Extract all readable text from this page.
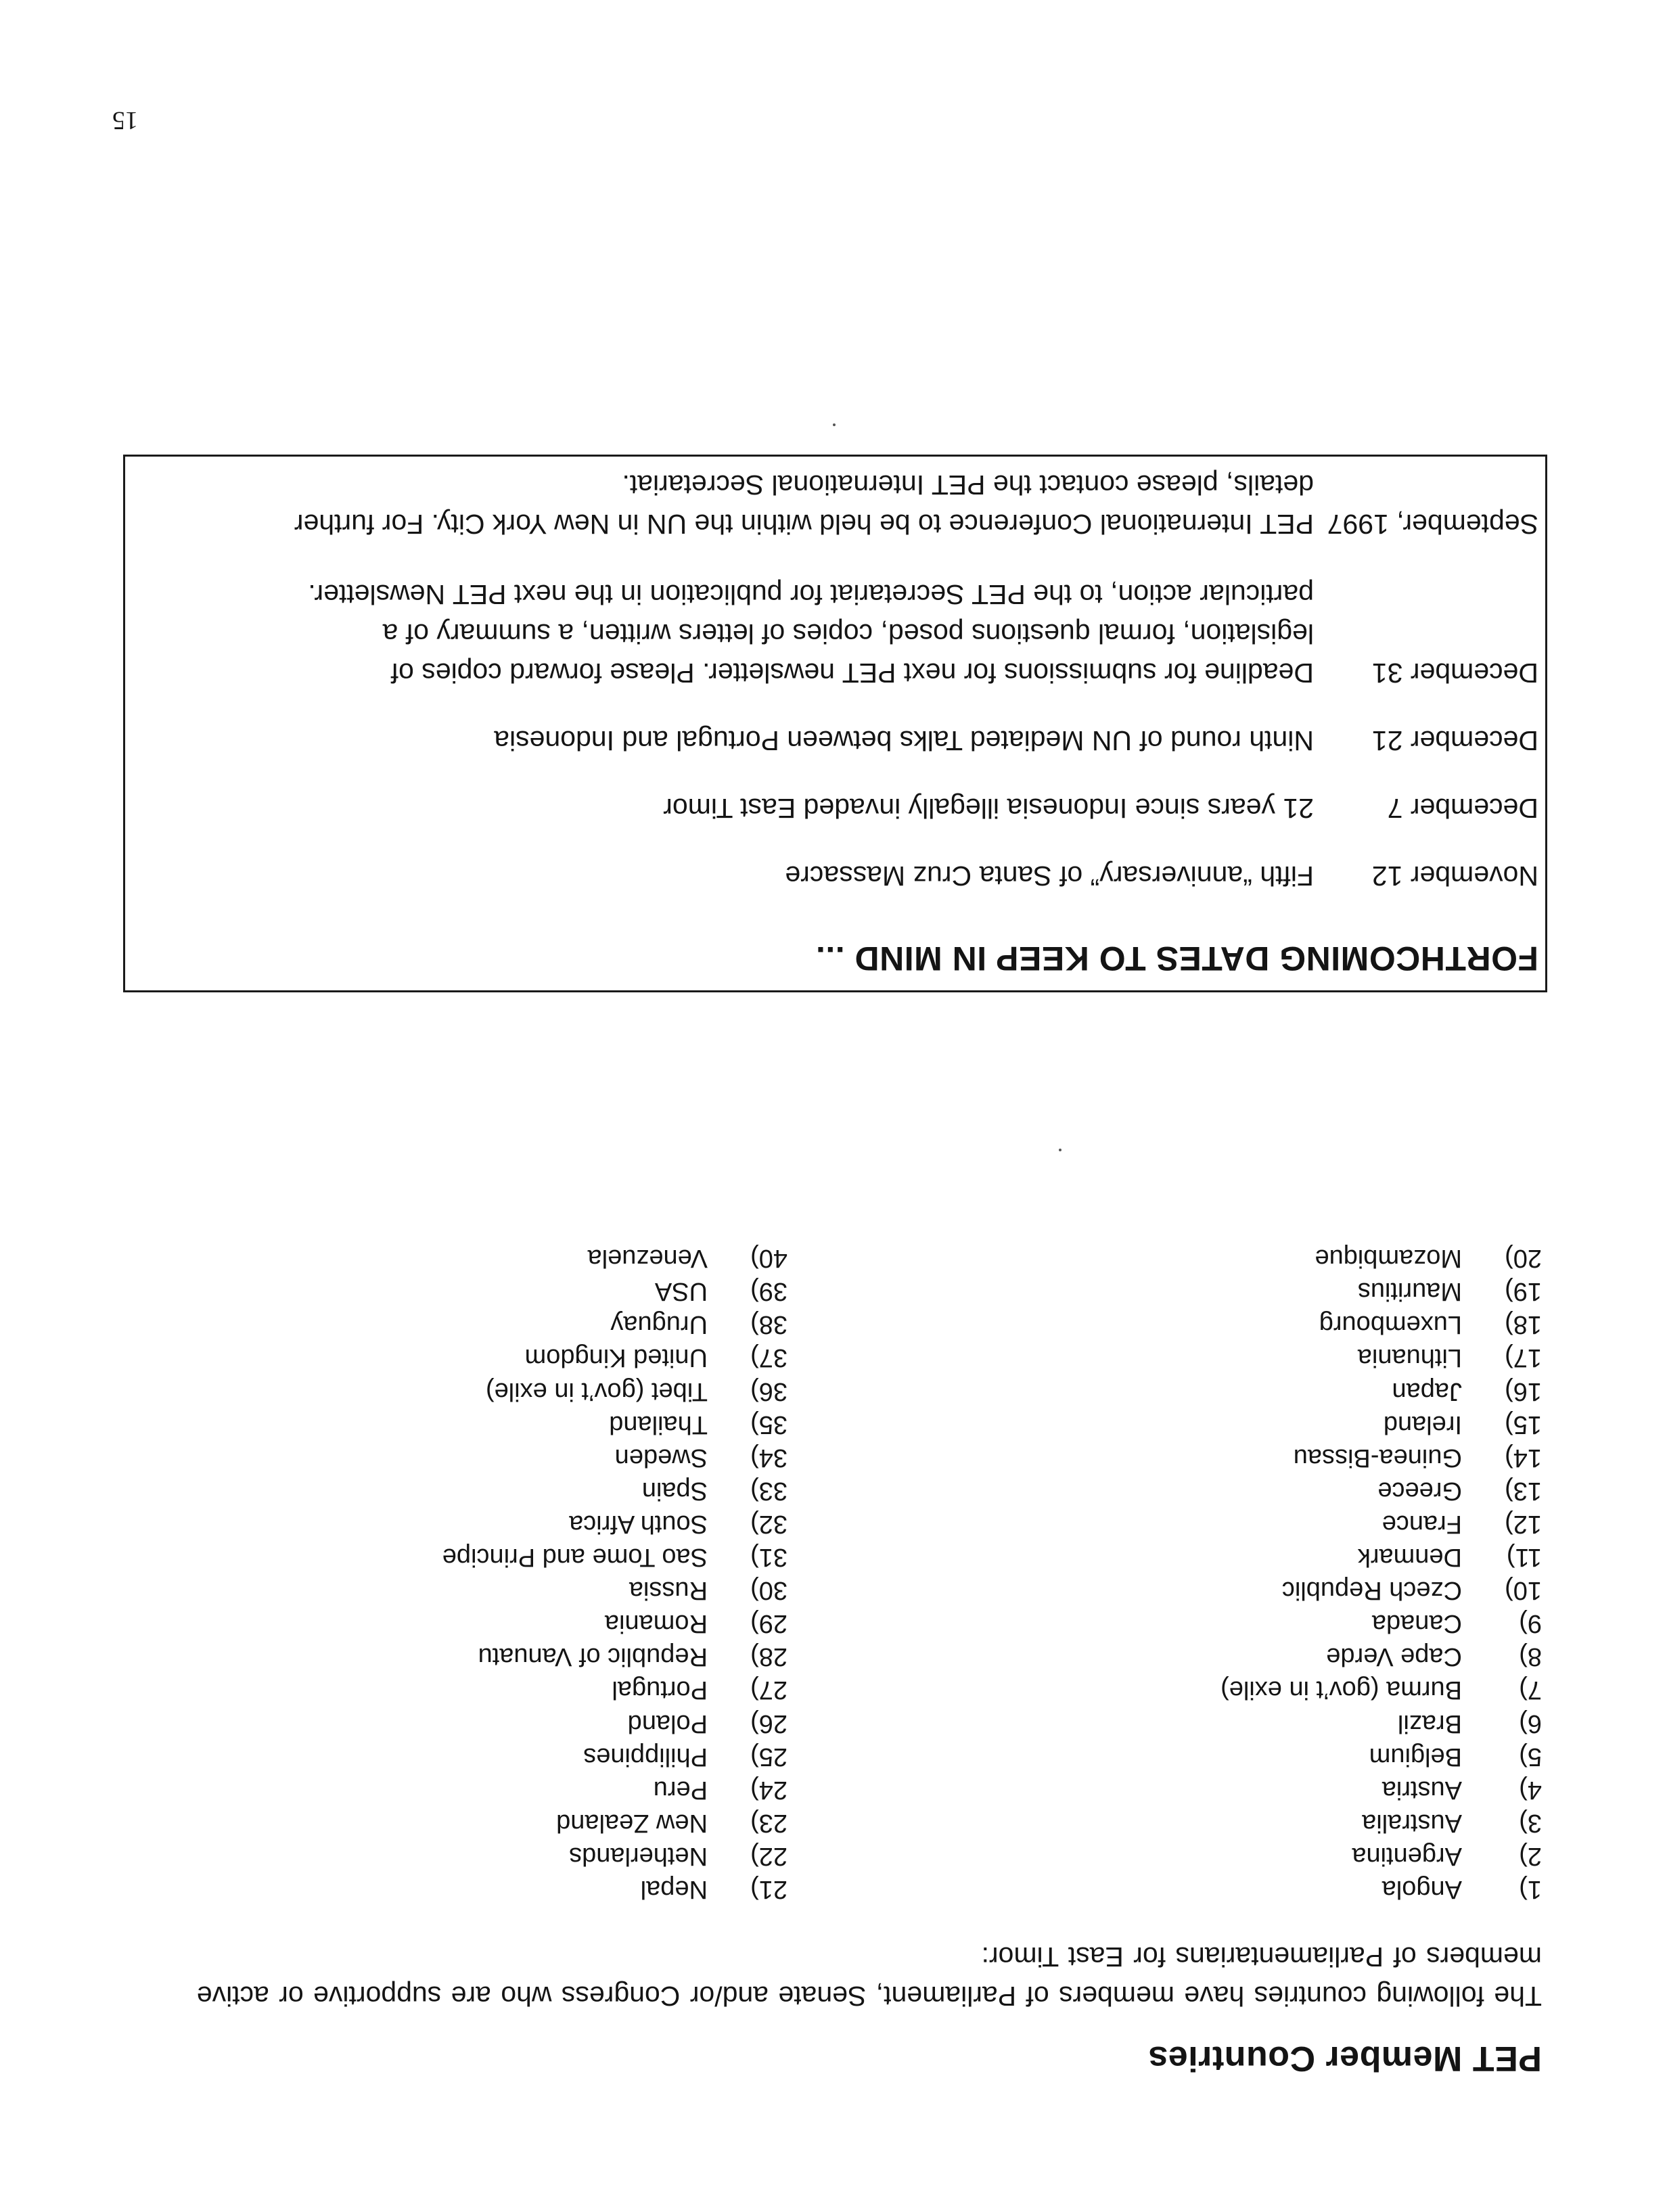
PET Member Countries

The following countries have members of Parliament, Senate and/or Congress who are supportive or active members of Parliamentarians for East Timor:

1)
Angola
2)
Argentina
3)
Australia
4)
Austria
5)
Belgium
6)
Brazil
7)
Burma (gov’t in exile)
8)
Cape Verde
9)
Canada
10)
Czech Republic
11)
Denmark
12)
France
13)
Greece
14)
Guinea-Bissau
15)
Ireland
16)
Japan
17)
Lithuania
18)
Luxembourg
19)
Mauritius
20)
Mozambique
21)
Nepal
22)
Netherlands
23)
New Zealand
24)
Peru
25)
Philippines
26)
Poland
27)
Portugal
28)
Republic of Vanuatu
29)
Romania
30)
Russia
31)
Sao Tome and Principe
32)
South Africa
33)
Spain
34)
Sweden
35)
Thailand
36)
Tibet (gov’t in exile)
37)
United Kingdom
38)
Uruguay
39)
USA
40)
Venezuela
FORTHCOMING DATES TO KEEP IN MIND ...
November 12
Fifth “anniversary” of Santa Cruz Massacre
December 7
21 years since Indonesia illegally invaded East Timor
December 21
Ninth round of UN Mediated Talks between Portugal and Indonesia
December 31
Deadline for submissions for next PET newsletter. Please forward copies of legislation, formal questions posed, copies of letters written, a summary of a particular action, to the PET Secretariat for publication in the next PET Newsletter.
September, 1997
PET International Conference to be held within the UN in New York City. For further details, please contact the PET International Secretariat.
15
